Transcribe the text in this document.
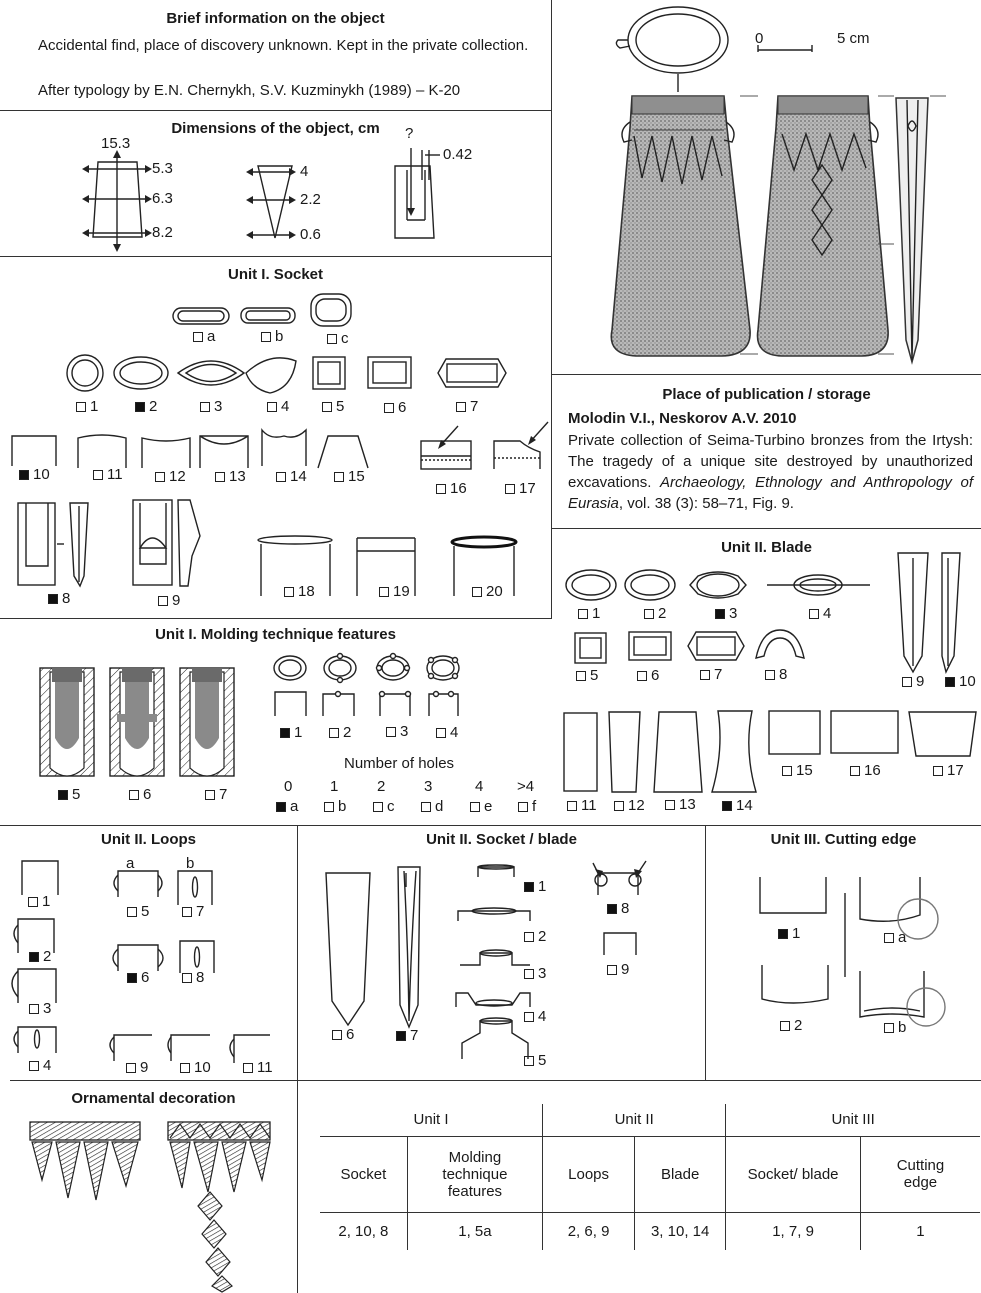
Brief information on the object
Accidental find, place of discovery unknown. Kept in the private collection.
After typology by E.N. Chernykh, S.V. Kuzminykh (1989) – K-20
Dimensions of the object, cm
15.3
5.3
6.3
8.2
4
2.2
0.6
?
0.42
0	5 cm
Place of publication / storage
Molodin V.I., Neskorov A.V. 2010
Private collection of Seima-Turbino bronzes from the Irtysh: The tragedy of a unique site destroyed by unauthorized excavations. Archaeology, Ethnology and Anthropology of Eurasia, vol. 38 (3): 58–71, Fig. 9.
Unit I. Socket
a	b	c
1	2	3	4	5	6	7
10	11	12	13	14	15
16	17
8	9
18	19	20
Unit I. Molding technique features
1	2	3	4
5	6	7
Number of holes
0	1	2	3	4 >4
a	b	c	d	e	f
Unit II. Blade
1	2	3	4
5	6	7	8	9	10
11	12	13	14
15	16	17
Unit II. Loops
a	b
1
2
3
4
5	7
6	8
9	10	11
Unit II. Socket / blade
1
2
3
4
5
6	7
8
9
Unit III. Cutting edge
1	a
2	b
Ornamental decoration
Unit I		Unit II		Unit III	
Socket	Molding technique features	Loops	Blade	Socket/ blade	Cutting edge
2, 10, 8	1, 5a	2, 6, 9	3, 10, 14	1, 7, 9	1
